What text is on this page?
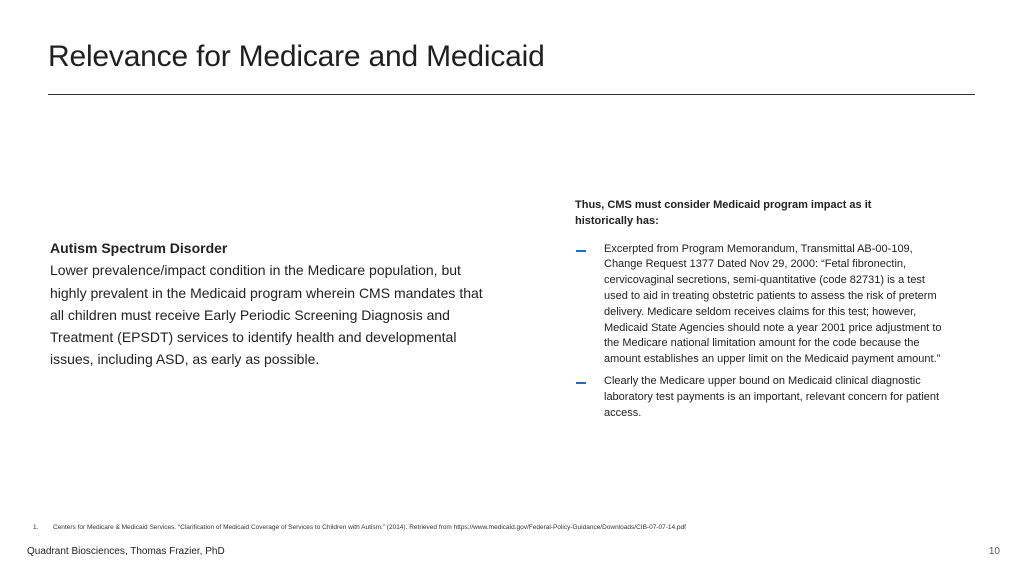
Relevance for Medicare and Medicaid
Autism Spectrum Disorder
Lower prevalence/impact condition in the Medicare population, but highly prevalent in the Medicaid program wherein CMS mandates that all children must receive Early Periodic Screening Diagnosis and Treatment (EPSDT) services to identify health and developmental issues, including ASD, as early as possible.
Thus, CMS must consider Medicaid program impact as it historically has:
Excerpted from Program Memorandum, Transmittal AB-00-109, Change Request 1377 Dated Nov 29, 2000: “Fetal fibronectin, cervicovaginal secretions, semi-quantitative (code 82731) is a test used to aid in treating obstetric patients to assess the risk of preterm delivery. Medicare seldom receives claims for this test; however, Medicaid State Agencies should note a year 2001 price adjustment to the Medicare national limitation amount for the code because the amount establishes an upper limit on the Medicaid payment amount.”
Clearly the Medicare upper bound on Medicaid clinical diagnostic laboratory test payments is an important, relevant concern for patient access.
1. Centers for Medicare & Medicaid Services. “Clarification of Medicaid Coverage of Services to Children with Autism.” (2014). Retrieved from https://www.medicaid.gov/Federal-Policy-Guidance/Downloads/CIB-07-07-14.pdf
Quadrant Biosciences, Thomas Frazier, PhD	10
